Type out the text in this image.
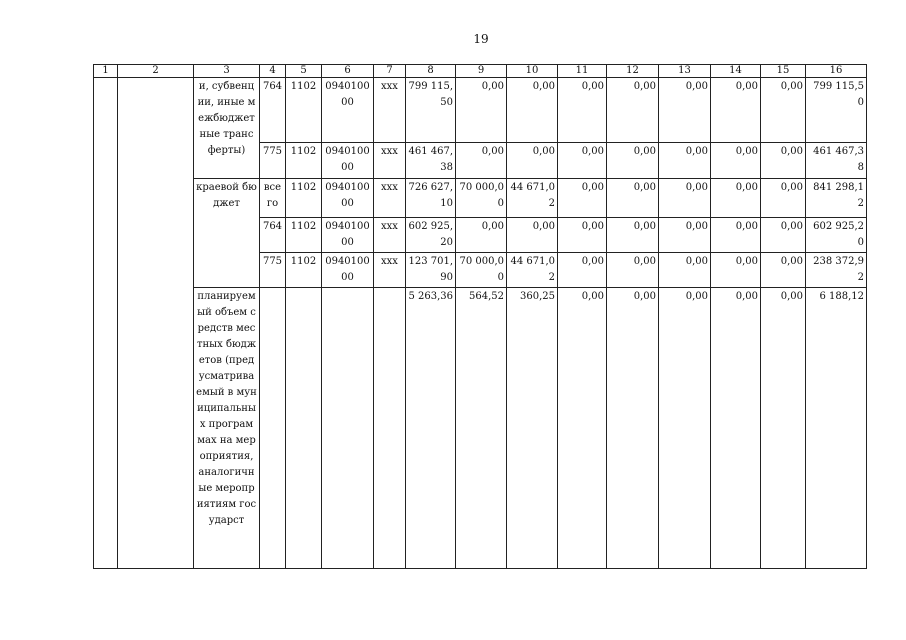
19
1	2	3	4	5	6	7	8	9	10	11	12	13	14	15	16
		и, субвенции, иные межбюджетные трансферты)	764	1102	094010000	ххх	799 115,50	0,00	0,00	0,00	0,00	0,00	0,00	0,00	799 115,50
			775	1102	094010000	ххх	461 467,38	0,00	0,00	0,00	0,00	0,00	0,00	0,00	461 467,38
		краевой бюджет	всего	1102	094010000	ххх	726 627,10	70 000,00	44 671,02	0,00	0,00	0,00	0,00	0,00	841 298,12
			764	1102	094010000	ххх	602 925,20	0,00	0,00	0,00	0,00	0,00	0,00	0,00	602 925,20
			775	1102	094010000	ххх	123 701,90	70 000,00	44 671,02	0,00	0,00	0,00	0,00	0,00	238 372,92
		планируемый объем средств местных бюджетов (предусматриваемый в муниципальных программах на мероприятия, аналогичные мероприятиям государст					5 263,36	564,52	360,25	0,00	0,00	0,00	0,00	0,00	6 188,12
